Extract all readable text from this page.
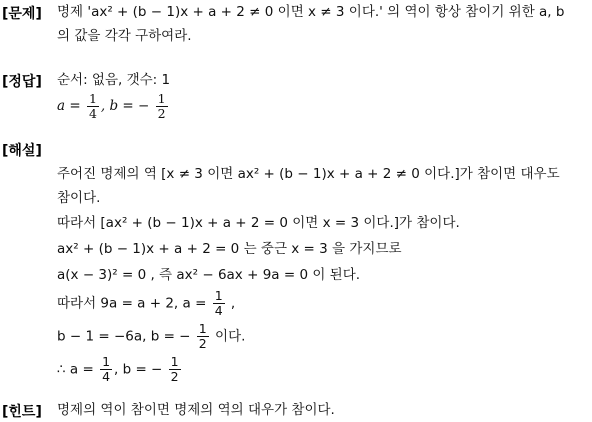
[문제] 명제 'ax² + (b − 1)x + a + 2 ≠ 0 이면 x ≠ 3 이다.' 의 역이 항상 참이기 위한 a, b
의 값을 각각 구하여라.
[정답] 순서: 없음, 갯수: 1
$a = \frac{1}{4}$ , b = − $\frac{1}{2}$
[해설]
주어진 명제의 역 [x ≠ 3 이면 ax² + (b − 1)x + a + 2 ≠ 0 이다.]가 참이면 대우도
참이다.
따라서 [ax² + (b − 1)x + a + 2 = 0 이면 x = 3 이다.]가 참이다.
ax² + (b − 1)x + a + 2 = 0 는 중근 x = 3 을 가지므로
a(x − 3)² = 0 , 즉 ax² − 6ax + 9a = 0 이 된다.
따라서 9a = a + 2, $a = \frac{1}{4}$ ,
b − 1 = −6a, b = − $\frac{1}{2}$ 이다.
∴ $a = \frac{1}{4}$ , b = − $\frac{1}{2}$
[힌트] 명제의 역이 참이면 명제의 역의 대우가 참이다.
